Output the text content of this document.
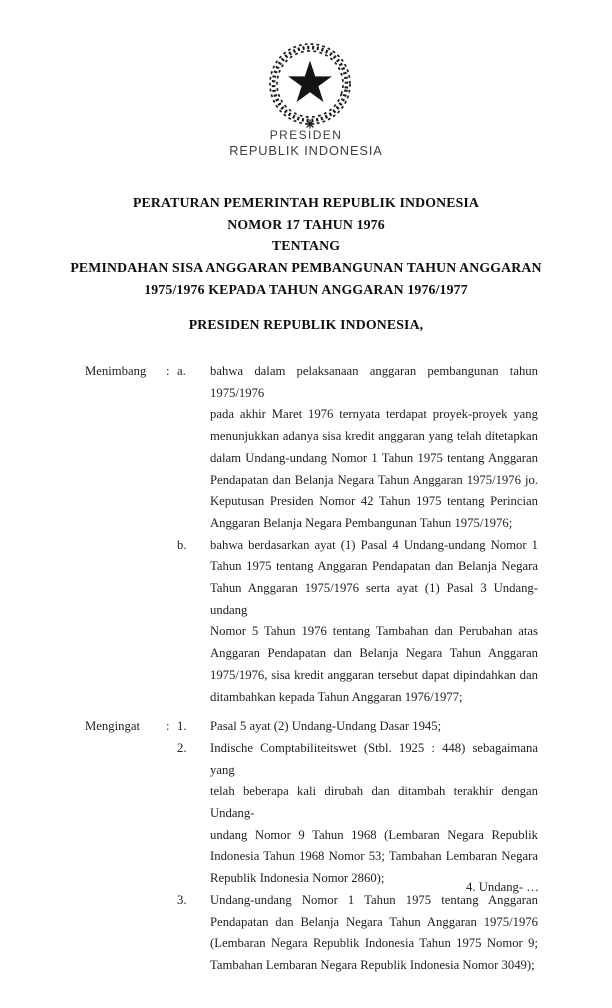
PRESIDEN
REPUBLIK INDONESIA
PERATURAN PEMERINTAH REPUBLIK INDONESIA
NOMOR 17 TAHUN 1976
TENTANG
PEMINDAHAN SISA ANGGARAN PEMBANGUNAN TAHUN ANGGARAN
1975/1976 KEPADA TAHUN ANGGARAN 1976/1977
PRESIDEN REPUBLIK INDONESIA,
Menimbang	: a.	bahwa dalam pelaksanaan anggaran pembangunan tahun 1975/1976
pada akhir Maret 1976 ternyata terdapat proyek-proyek yang
menunjukkan adanya sisa kredit anggaran yang telah ditetapkan
dalam Undang-undang Nomor 1 Tahun 1975 tentang Anggaran
Pendapatan dan Belanja Negara Tahun Anggaran 1975/1976 jo.
Keputusan Presiden Nomor 42 Tahun 1975 tentang Perincian
Anggaran Belanja Negara Pembangunan Tahun 1975/1976;
b.	bahwa berdasarkan ayat (1) Pasal 4 Undang-undang Nomor 1
Tahun 1975 tentang Anggaran Pendapatan dan Belanja Negara
Tahun Anggaran 1975/1976 serta ayat (1) Pasal 3 Undang-undang
Nomor 5 Tahun 1976 tentang Tambahan dan Perubahan atas
Anggaran Pendapatan dan Belanja Negara Tahun Anggaran
1975/1976, sisa kredit anggaran tersebut dapat dipindahkan dan
ditambahkan kepada Tahun Anggaran 1976/1977;
Mengingat	: 1.	Pasal 5 ayat (2) Undang-Undang Dasar 1945;
2.	Indische Comptabiliteitswet (Stbl. 1925 : 448) sebagaimana yang
telah beberapa kali dirubah dan ditambah terakhir dengan Undang-
undang Nomor 9 Tahun 1968 (Lembaran Negara Republik
Indonesia Tahun 1968 Nomor 53; Tambahan Lembaran Negara
Republik Indonesia Nomor 2860);
3.	Undang-undang Nomor 1 Tahun 1975 tentang Anggaran
Pendapatan dan Belanja Negara Tahun Anggaran 1975/1976
(Lembaran Negara Republik Indonesia Tahun 1975 Nomor 9;
Tambahan Lembaran Negara Republik Indonesia Nomor 3049);
4. Undang- …
